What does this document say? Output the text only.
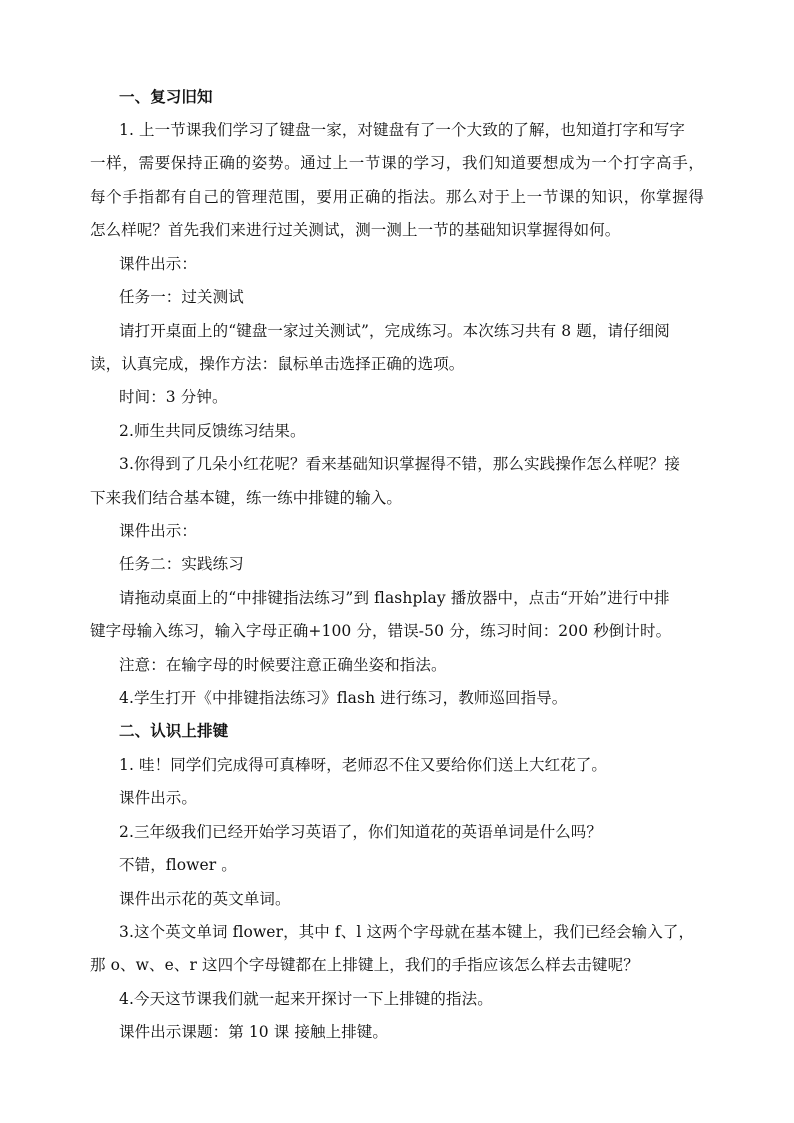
一、复习旧知

1. 上一节课我们学习了键盘一家，对键盘有了一个大致的了解，也知道打字和写字

一样，需要保持正确的姿势。通过上一节课的学习，我们知道要想成为一个打字高手，

每个手指都有自己的管理范围，要用正确的指法。那么对于上一节课的知识，你掌握得

怎么样呢？首先我们来进行过关测试，测一测上一节的基础知识掌握得如何。

课件出示：

任务一：过关测试

请打开桌面上的“键盘一家过关测试”，完成练习。本次练习共有 8 题，请仔细阅

读，认真完成，操作方法：鼠标单击选择正确的选项。

时间：3 分钟。

2.师生共同反馈练习结果。

3.你得到了几朵小红花呢？看来基础知识掌握得不错，那么实践操作怎么样呢？接

下来我们结合基本键，练一练中排键的输入。

课件出示：

任务二：实践练习

请拖动桌面上的“中排键指法练习”到 flashplay 播放器中，点击“开始”进行中排

键字母输入练习，输入字母正确+100 分，错误-50 分，练习时间：200 秒倒计时。

注意：在输字母的时候要注意正确坐姿和指法。

4.学生打开《中排键指法练习》flash 进行练习，教师巡回指导。

二、认识上排键

1. 哇！同学们完成得可真棒呀，老师忍不住又要给你们送上大红花了。

课件出示。

2.三年级我们已经开始学习英语了，你们知道花的英语单词是什么吗？

不错，flower 。

课件出示花的英文单词。

3.这个英文单词 flower，其中 f、l 这两个字母就在基本键上，我们已经会输入了，

那 o、w、e、r 这四个字母键都在上排键上，我们的手指应该怎么样去击键呢？

4.今天这节课我们就一起来开探讨一下上排键的指法。

课件出示课题：第 10 课 接触上排键。
